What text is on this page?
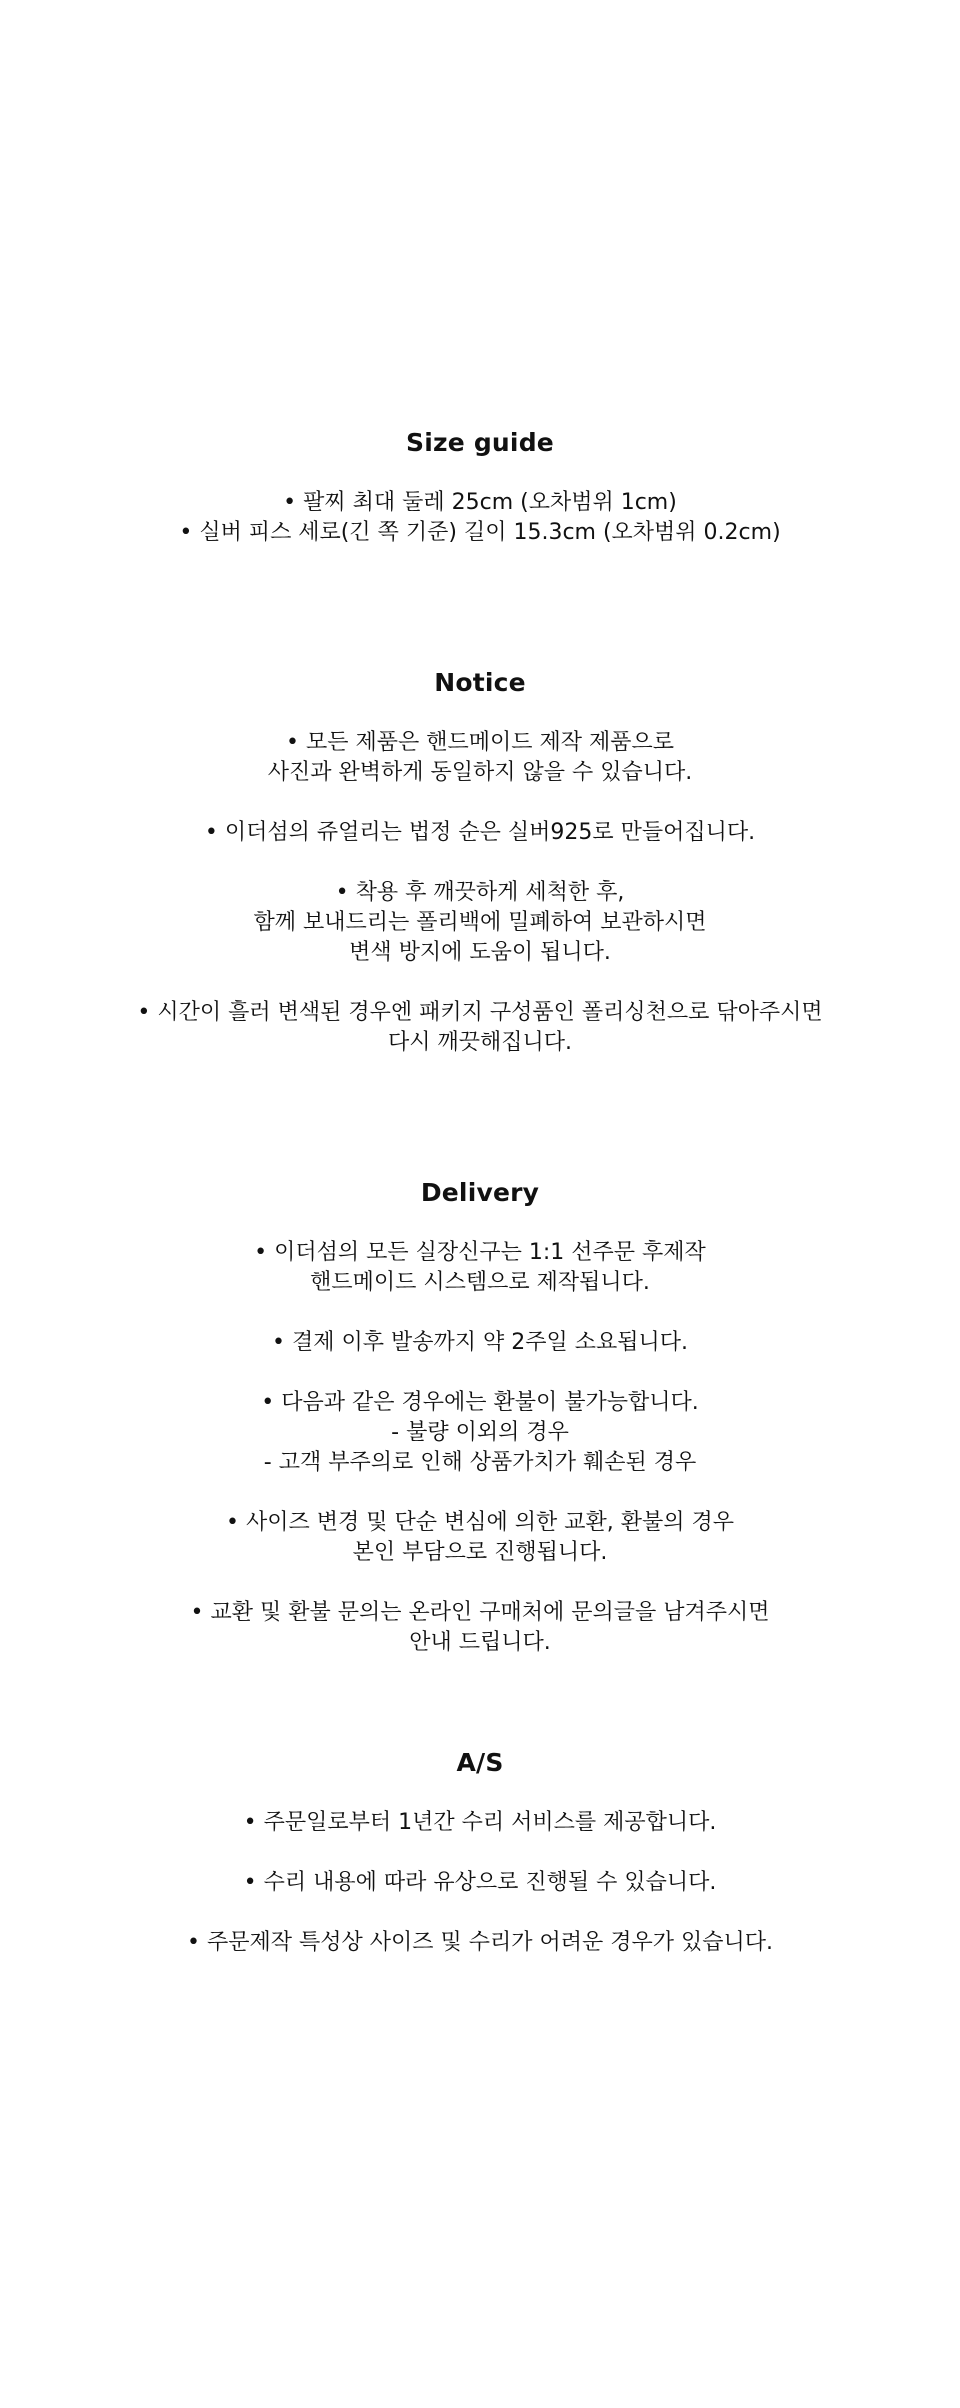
Size guide

• 팔찌 최대 둘레 25cm (오차범위 1cm)

• 실버 피스 세로(긴 쪽 기준) 길이 15.3cm (오차범위 0.2cm)

Notice

• 모든 제품은 핸드메이드 제작 제품으로

사진과 완벽하게 동일하지 않을 수 있습니다.

• 이더섬의 쥬얼리는 법정 순은 실버925로 만들어집니다.

• 착용 후 깨끗하게 세척한 후,

함께 보내드리는 폴리백에 밀폐하여 보관하시면

변색 방지에 도움이 됩니다.

• 시간이 흘러 변색된 경우엔 패키지 구성품인 폴리싱천으로 닦아주시면

다시 깨끗해집니다.

Delivery

• 이더섬의 모든 실장신구는 1:1 선주문 후제작

핸드메이드 시스템으로 제작됩니다.

• 결제 이후 발송까지 약 2주일 소요됩니다.

• 다음과 같은 경우에는 환불이 불가능합니다.

- 불량 이외의 경우

- 고객 부주의로 인해 상품가치가 훼손된 경우

• 사이즈 변경 및 단순 변심에 의한 교환, 환불의 경우

본인 부담으로 진행됩니다.

• 교환 및 환불 문의는 온라인 구매처에 문의글을 남겨주시면

안내 드립니다.

A/S

• 주문일로부터 1년간 수리 서비스를 제공합니다.

• 수리 내용에 따라 유상으로 진행될 수 있습니다.

• 주문제작 특성상 사이즈 및 수리가 어려운 경우가 있습니다.
